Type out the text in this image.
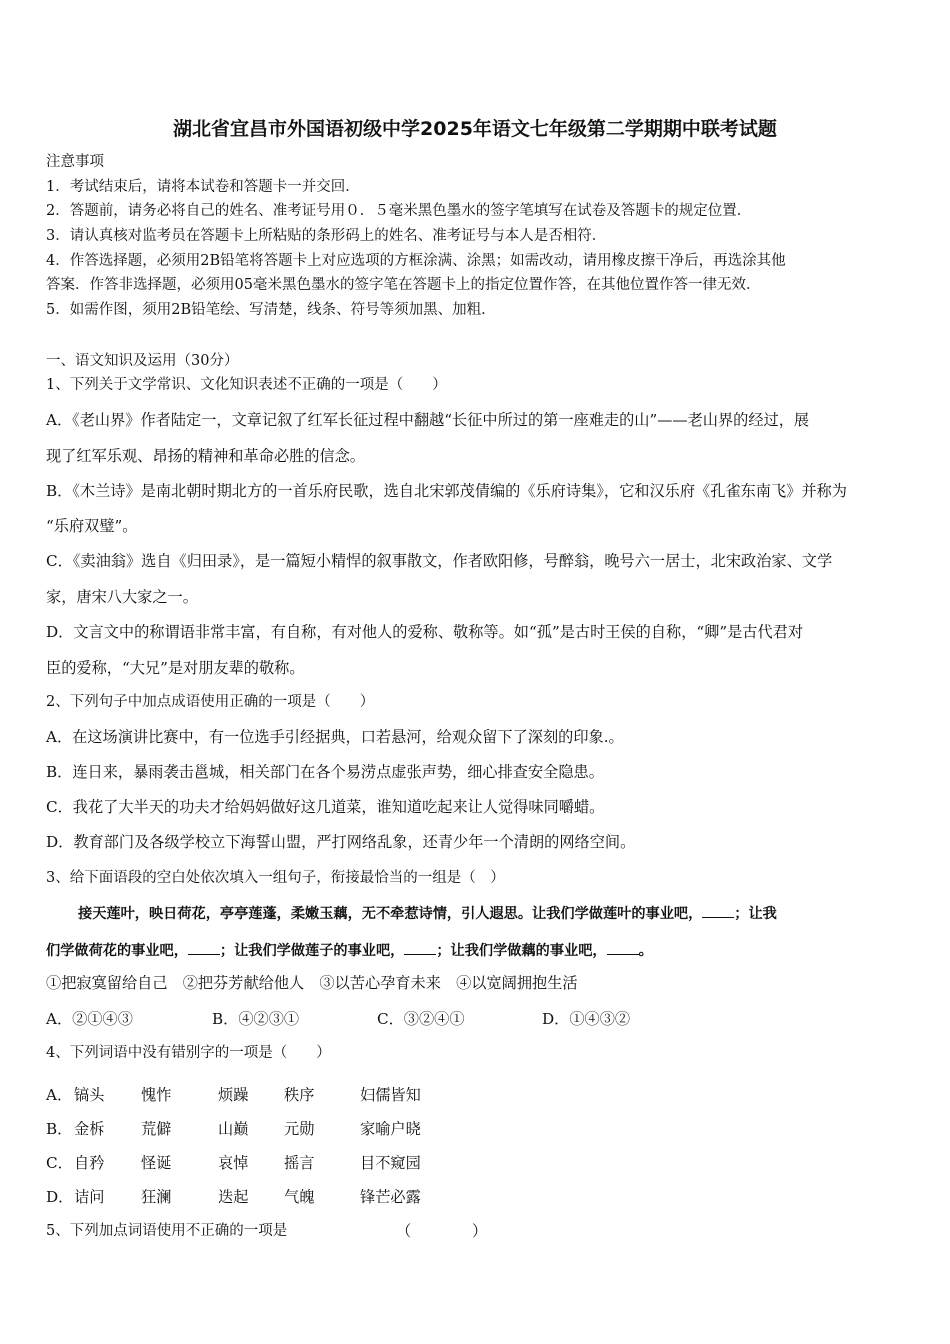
湖北省宜昌市外国语初级中学2025年语文七年级第二学期期中联考试题
注意事项
1．考试结束后，请将本试卷和答题卡一并交回．
2．答题前，请务必将自己的姓名、准考证号用０．５毫米黑色墨水的签字笔填写在试卷及答题卡的规定位置．
3．请认真核对监考员在答题卡上所粘贴的条形码上的姓名、准考证号与本人是否相符．
4．作答选择题，必须用2B铅笔将答题卡上对应选项的方框涂满、涂黑；如需改动，请用橡皮擦干净后，再选涂其他
答案．作答非选择题，必须用05毫米黑色墨水的签字笔在答题卡上的指定位置作答，在其他位置作答一律无效．
5．如需作图，须用2B铅笔绘、写清楚，线条、符号等须加黑、加粗．
一、语文知识及运用（30分）
1、下列关于文学常识、文化知识表述不正确的一项是（　　）
A．《老山界》作者陆定一，文章记叙了红军长征过程中翻越“长征中所过的第一座难走的山”——老山界的经过，展
现了红军乐观、昂扬的精神和革命必胜的信念。
B．《木兰诗》是南北朝时期北方的一首乐府民歌，选自北宋郭茂倩编的《乐府诗集》，它和汉乐府《孔雀东南飞》并称为
“乐府双璧”。
C．《卖油翁》选自《归田录》，是一篇短小精悍的叙事散文，作者欧阳修，号醉翁，晚号六一居士，北宋政治家、文学
家，唐宋八大家之一。
D．文言文中的称谓语非常丰富，有自称，有对他人的爱称、敬称等。如“孤”是古时王侯的自称，“卿”是古代君对
臣的爱称，“大兄”是对朋友辈的敬称。
2、下列句子中加点成语使用正确的一项是（　　）
A．在这场演讲比赛中，有一位选手引经据典，口若悬河，给观众留下了深刻的印象.。
B．连日来，暴雨袭击邕城，相关部门在各个易涝点虚张声势，细心排查安全隐患。
C．我花了大半天的功夫才给妈妈做好这几道菜，谁知道吃起来让人觉得味同嚼蜡。
D．教育部门及各级学校立下海誓山盟，严打网络乱象，还青少年一个清朗的网络空间。
3、给下面语段的空白处依次填入一组句子，衔接最恰当的一组是（　）
接天莲叶，映日荷花，亭亭莲蓬，柔嫩玉藕，无不牵惹诗情，引人遐思。让我们学做莲叶的事业吧， ；让我
们学做荷花的事业吧， ；让我们学做莲子的事业吧， ；让我们学做藕的事业吧， 。
①把寂寞留给自己　②把芬芳献给他人　③以苦心孕育未来　④以宽阔拥抱生活
A．②①④③	B．④②③①	C．③②④①	D．①④③②
4、下列词语中没有错别字的一项是（　　）
A． 镐头 愧怍	烦躁 秩序	妇儒皆知
B． 金柝 荒僻	山巅 元勋	家喻户晓
C． 自矜 怪诞	哀悼 摇言	目不窥园
D． 诘问 狂澜	迭起 气魄	锋芒必露
5、下列加点词语使用不正确的一项是	（　　　　）
